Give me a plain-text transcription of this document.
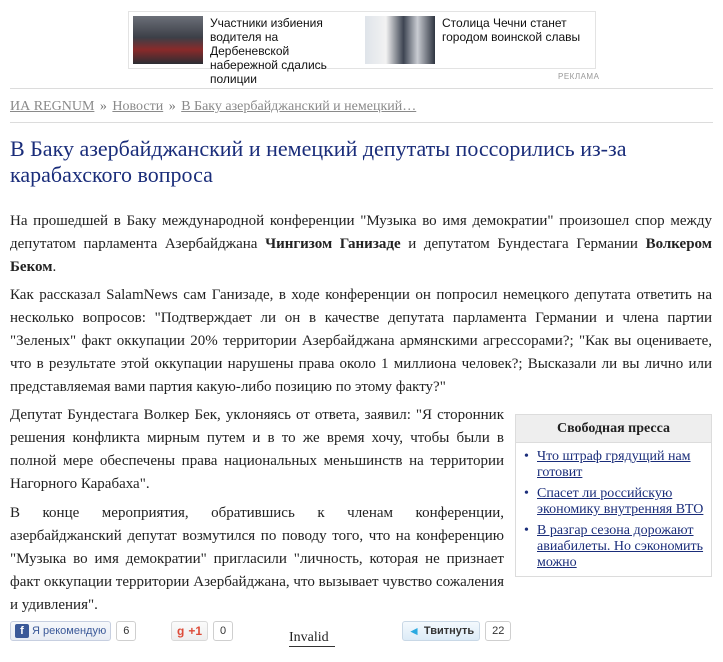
Участники избиения водителя на Дербеневской набережной сдались полиции
Столица Чечни станет городом воинской славы
РЕКЛАМА
ИА REGNUM » Новости » В Баку азербайджанский и немецкий…
В Баку азербайджанский и немецкий депутаты поссорились из-за карабахского вопроса

На прошедшей в Баку международной конференции "Музыка во имя демократии" произошел спор между депутатом парламента Азербайджана Чингизом Ганизаде и депутатом Бундестага Германии Волкером Беком.

Как рассказал SalamNews сам Ганизаде, в ходе конференции он попросил немецкого депутата ответить на несколько вопросов: "Подтверждает ли он в качестве депутата парламента Германии и члена партии "Зеленых" факт оккупации 20% территории Азербайджана армянскими агрессорами?; "Как вы оцениваете, что в результате этой оккупации нарушены права около 1 миллиона человек?; Высказали ли вы лично или представляемая вами партия какую-либо позицию по этому факту?"

Депутат Бундестага Волкер Бек, уклоняясь от ответа, заявил: "Я сторонник решения конфликта мирным путем и в то же время хочу, чтобы были в полной мере обеспечены права национальных меньшинств на территории Нагорного Карабаха".

В конце мероприятия, обратившись к членам конференции, азербайджанский депутат возмутился по поводу того, что на конференцию "Музыка во имя демократии" пригласили "личность, которая не признает факт оккупации территории Азербайджана, что вызывает чувство сожаления и удивления".

Свободная пресса
• Что штраф грядущий нам готовит
• Спасет ли российскую экономику внутренняя ВТО
• В разгар сезона дорожают авиабилеты. Но сэкономить можно
f Я рекомендую 6	g +1 0	Invalid	◄ Твитнуть 22
